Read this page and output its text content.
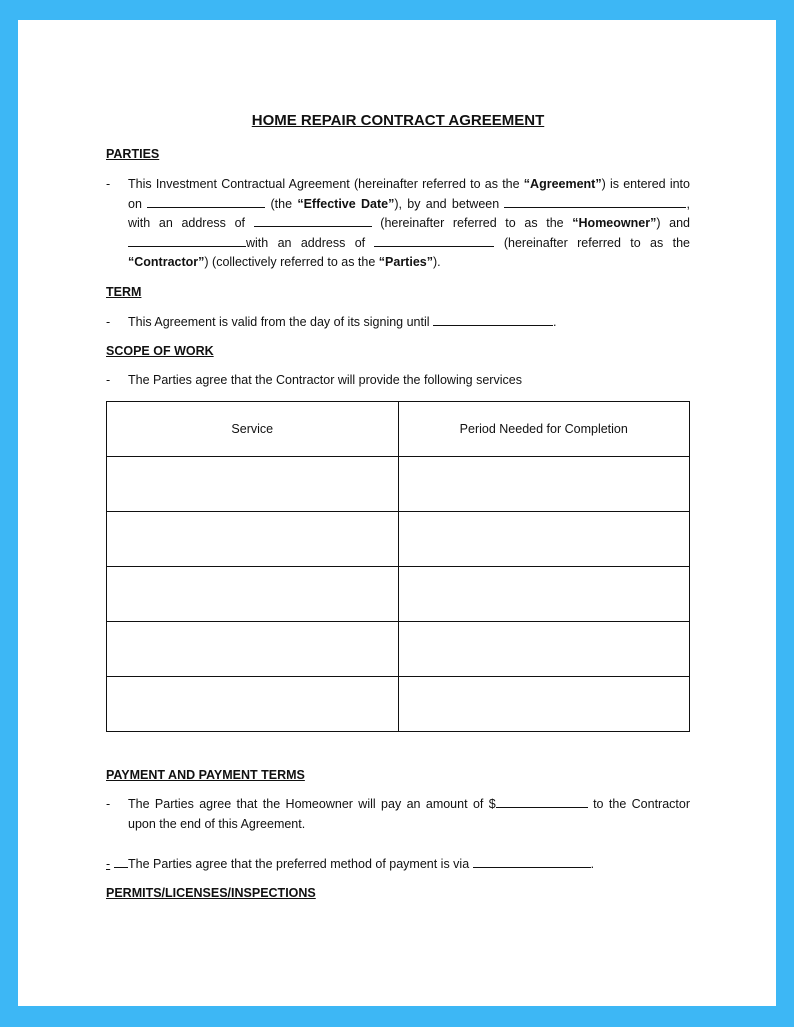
HOME REPAIR CONTRACT AGREEMENT
PARTIES
- This Investment Contractual Agreement (hereinafter referred to as the “Agreement”) is entered into on	(the “Effective Date”), by and between	, with an address of	(hereinafter referred to as the “Homeowner”) and with an address of	(hereinafter referred to as the “Contractor”) (collectively referred to as the “Parties”).
TERM
- This Agreement is valid from the day of its signing until	.
SCOPE OF WORK
- The Parties agree that the Contractor will provide the following services
Service	Period Needed for Completion

PAYMENT AND PAYMENT TERMS
- The Parties agree that the Homeowner will pay an amount of $	to the Contractor upon the end of this Agreement.
- The Parties agree that the preferred method of payment is via	.
PERMITS/LICENSES/INSPECTIONS
